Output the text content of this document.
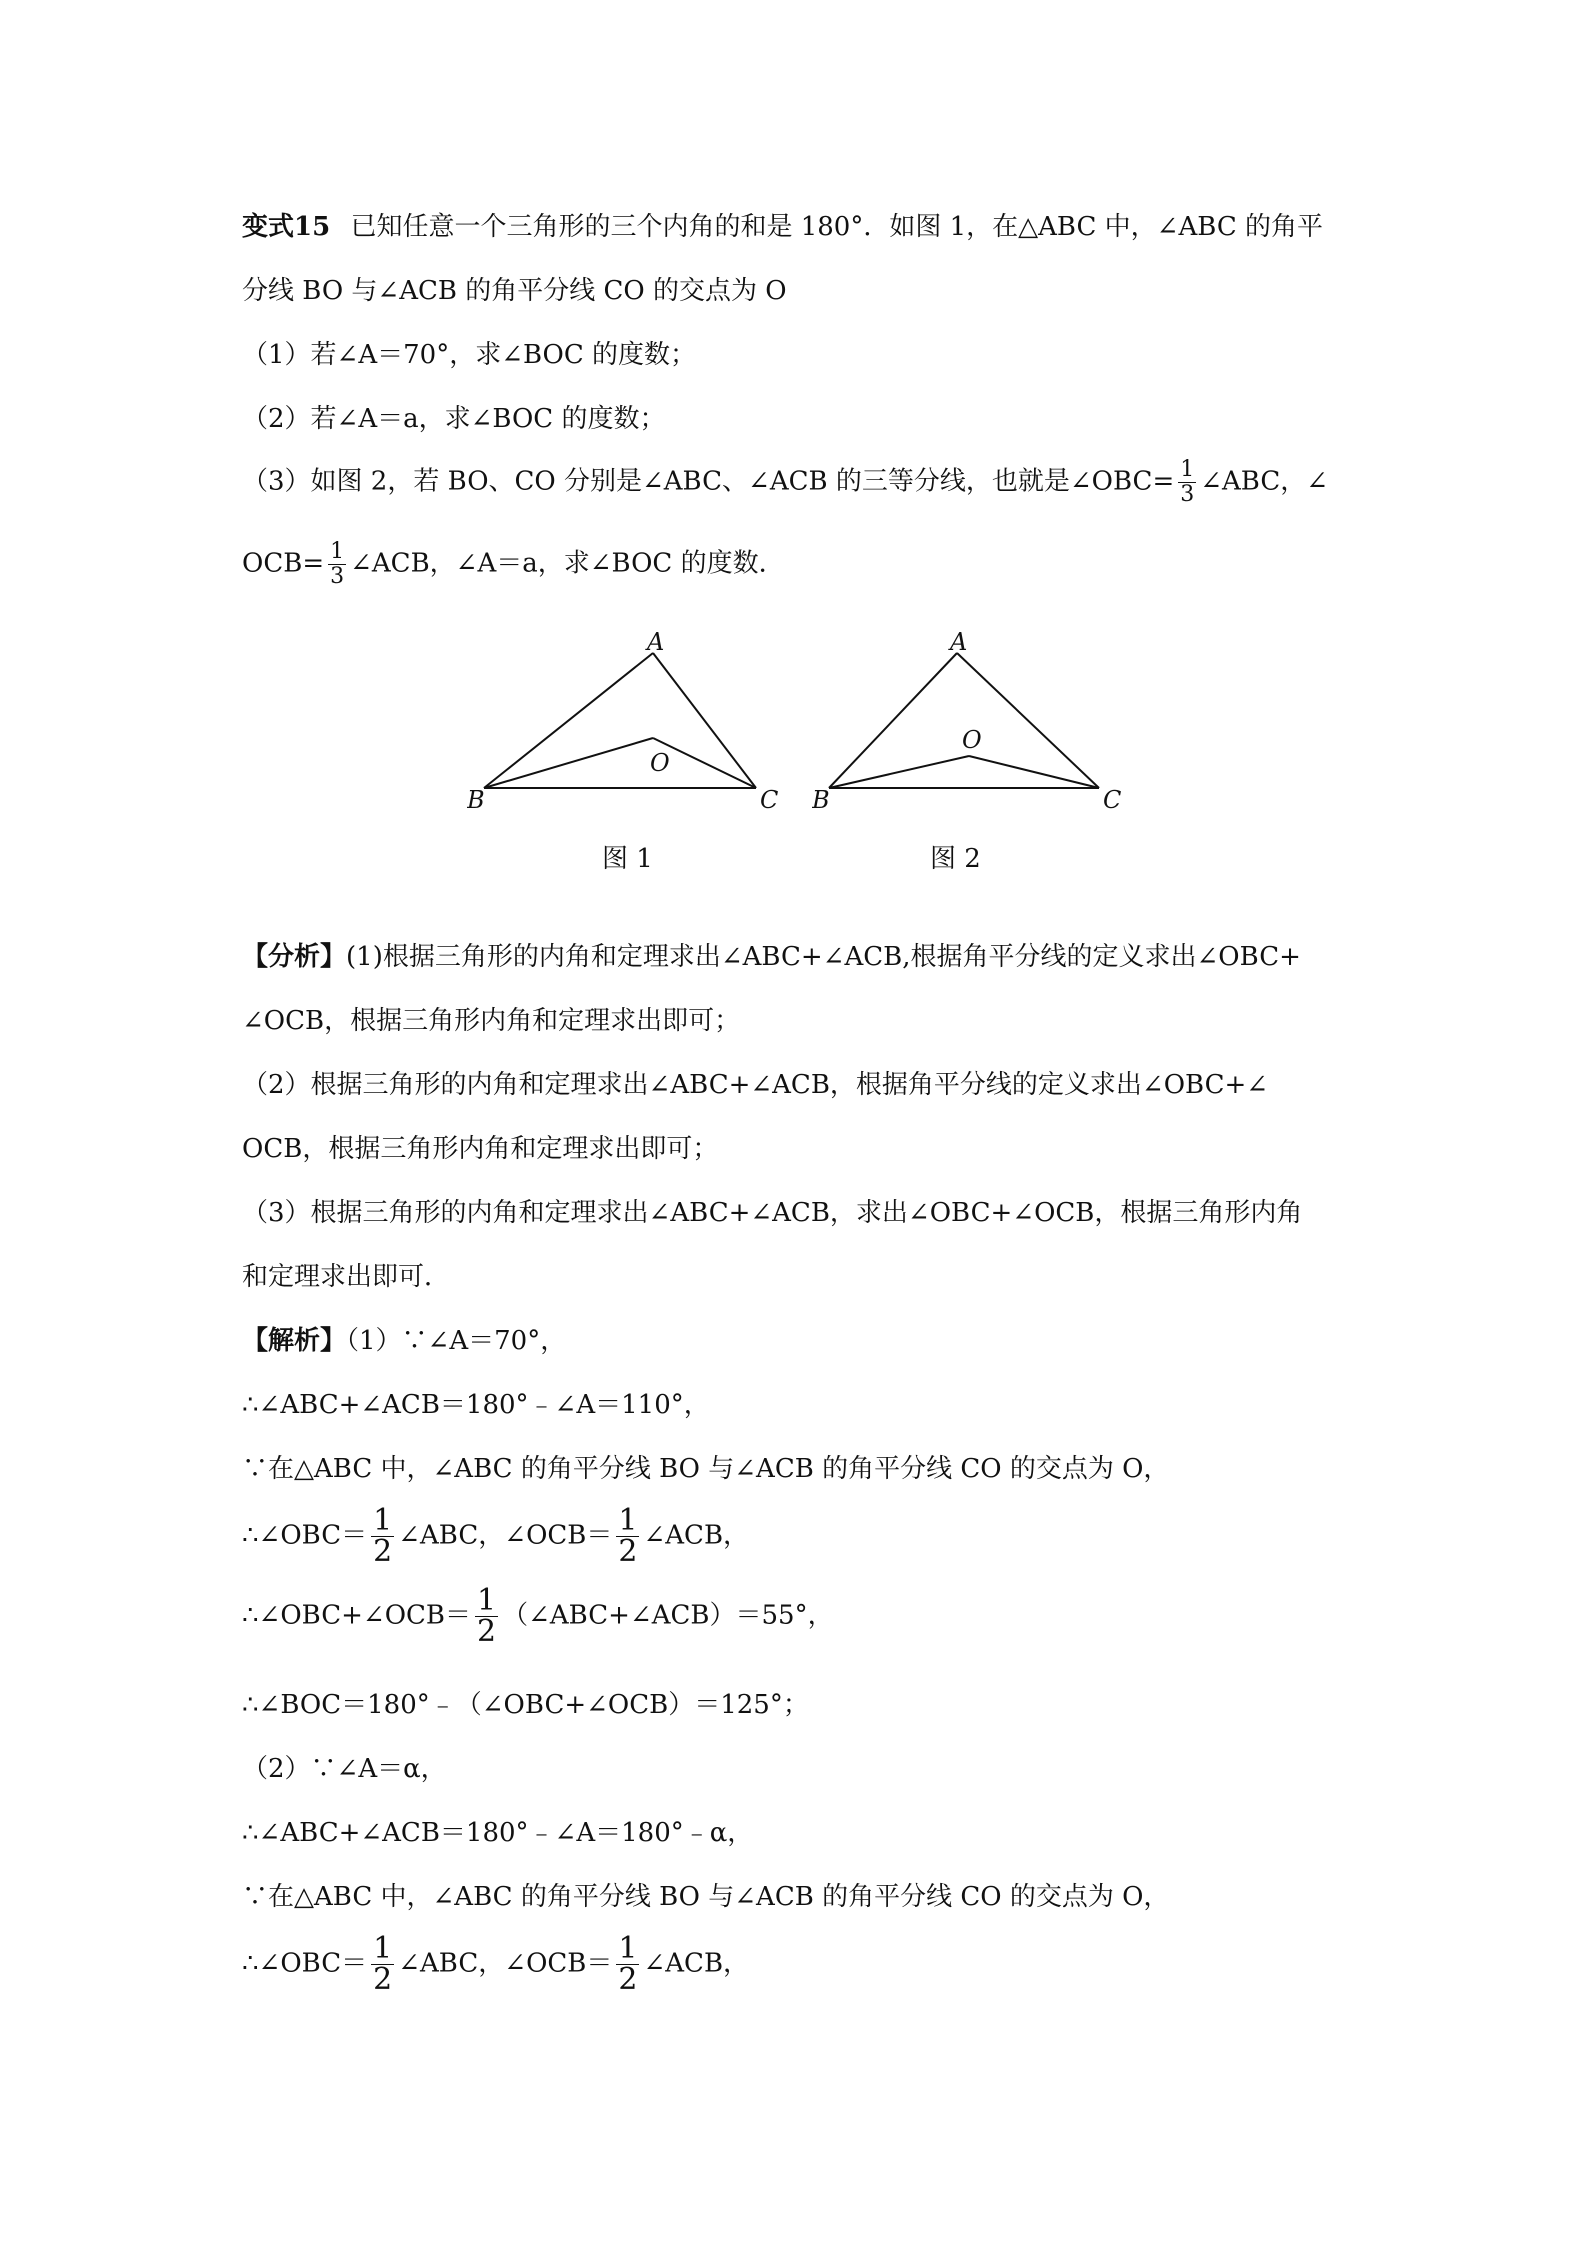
变式15 已知任意一个三角形的三个内角的和是 180°．如图 1，在△ABC 中，∠ABC 的角平
分线 BO 与∠ACB 的角平分线 CO 的交点为 O
（1）若∠A＝70°，求∠BOC 的度数；
（2）若∠A＝a，求∠BOC 的度数；
（3）如图 2，若 BO、CO 分别是∠ABC、∠ACB 的三等分线，也就是∠OBC= $\frac{1}{3}$ ∠ABC，∠
$OCB= \frac{1}{3}$ ∠ACB，∠A＝a，求∠BOC 的度数．
A
B	C
O
图 1
A
B	C
O
图 2
【分析】(1)根据三角形的内角和定理求出∠ABC+∠ACB,根据角平分线的定义求出∠OBC+
∠OCB，根据三角形内角和定理求出即可；
（2）根据三角形的内角和定理求出∠ABC+∠ACB，根据角平分线的定义求出∠OBC+∠
OCB，根据三角形内角和定理求出即可；
（3）根据三角形的内角和定理求出∠ABC+∠ACB，求出∠OBC+∠OCB，根据三角形内角
和定理求出即可．
【解析】（1）∵∠A＝70°，
∴∠ABC+∠ACB＝180°﹣∠A＝110°，
∵在△ABC 中，∠ABC 的角平分线 BO 与∠ACB 的角平分线 CO 的交点为 O，
∴∠OBC＝ $\frac{1}{2}$ ∠ABC，∠OCB＝ $\frac{1}{2}$ ∠ACB，
∴∠OBC+∠OCB＝ $\frac{1}{2}$ （∠ABC+∠ACB）＝55°，
∴∠BOC＝180°﹣（∠OBC+∠OCB）＝125°；
（2）∵∠A＝α，
∴∠ABC+∠ACB＝180°﹣∠A＝180°﹣α，
∵在△ABC 中，∠ABC 的角平分线 BO 与∠ACB 的角平分线 CO 的交点为 O，
∴∠OBC＝ $\frac{1}{2}$ ∠ABC，∠OCB＝ $\frac{1}{2}$ ∠ACB，
